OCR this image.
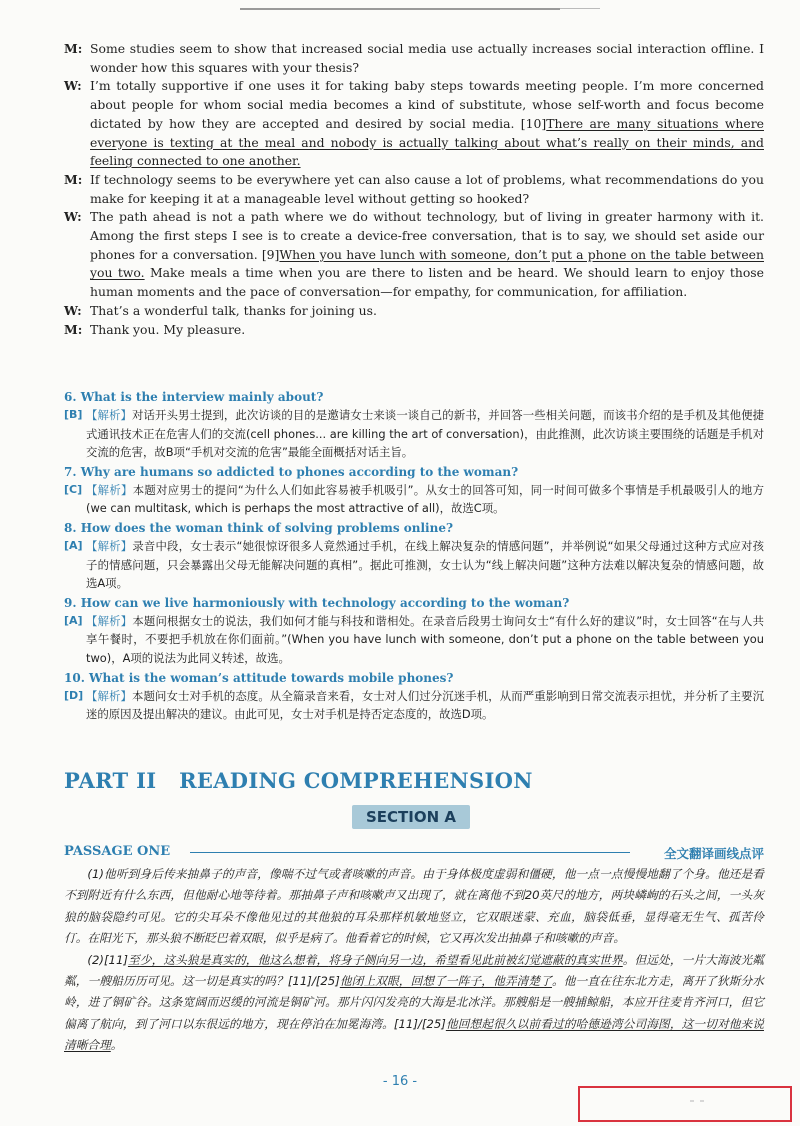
M: Some studies seem to show that increased social media use actually increases social interaction offline. I wonder how this squares with your thesis?
W: I’m totally supportive if one uses it for taking baby steps towards meeting people. I’m more concerned about people for whom social media becomes a kind of substitute, whose self-worth and focus become dictated by how they are accepted and desired by social media. [10]There are many situations where everyone is texting at the meal and nobody is actually talking about what’s really on their minds, and feeling connected to one another.
M: If technology seems to be everywhere yet can also cause a lot of problems, what recommendations do you make for keeping it at a manageable level without getting so hooked?
W: The path ahead is not a path where we do without technology, but of living in greater harmony with it. Among the first steps I see is to create a device-free conversation, that is to say, we should set aside our phones for a conversation. [9]When you have lunch with someone, don’t put a phone on the table between you two. Make meals a time when you are there to listen and be heard. We should learn to enjoy those human moments and the pace of conversation—for empathy, for communication, for affiliation.
W: That’s a wonderful talk, thanks for joining us.
M: Thank you. My pleasure.
6. What is the interview mainly about?
[B] 【解析】对话开头男士提到，此次访谈的目的是邀请女士来谈一谈自己的新书，并回答一些相关问题，而该书介绍的是手机及其他便捷式通讯技术正在危害人们的交流(cell phones... are killing the art of conversation)，由此推测，此次访谈主要围绕的话题是手机对交流的危害，故B项“手机对交流的危害”最能全面概括对话主旨。
7. Why are humans so addicted to phones according to the woman?
[C] 【解析】本题对应男士的提问“为什么人们如此容易被手机吸引”。从女士的回答可知，同一时间可做多个事情是手机最吸引人的地方(we can multitask, which is perhaps the most attractive of all)，故选C项。
8. How does the woman think of solving problems online?
[A] 【解析】录音中段，女士表示“她很惊讶很多人竟然通过手机，在线上解决复杂的情感问题”，并举例说“如果父母通过这种方式应对孩子的情感问题，只会暴露出父母无能解决问题的真相”。据此可推测，女士认为“线上解决问题”这种方法难以解决复杂的情感问题，故选A项。
9. How can we live harmoniously with technology according to the woman?
[A] 【解析】本题问根据女士的说法，我们如何才能与科技和谐相处。在录音后段男士询问女士“有什么好的建议”时，女士回答“在与人共享午餐时，不要把手机放在你们面前。”(When you have lunch with someone, don’t put a phone on the table between you two)，A项的说法为此同义转述，故选。
10. What is the woman’s attitude towards mobile phones?
[D] 【解析】本题问女士对手机的态度。从全篇录音来看，女士对人们过分沉迷手机，从而严重影响到日常交流表示担忧，并分析了主要沉迷的原因及提出解决的建议。由此可见，女士对手机是持否定态度的，故选D项。
PART II   READING COMPREHENSION
SECTION A
PASSAGE ONE	全文翻译画线点评

(1)他听到身后传来抽鼻子的声音，像喘不过气或者咳嗽的声音。由于身体极度虚弱和僵硬，他一点一点慢慢地翻了个身。他还是看不到附近有什么东西，但他耐心地等待着。那抽鼻子声和咳嗽声又出现了，就在离他不到20英尺的地方，两块嶙峋的石头之间，一头灰狼的脑袋隐约可见。它的尖耳朵不像他见过的其他狼的耳朵那样机敏地竖立，它双眼迷蒙、充血，脑袋低垂，显得毫无生气、孤苦伶仃。在阳光下，那头狼不断眨巴着双眼，似乎是病了。他看着它的时候，它又再次发出抽鼻子和咳嗽的声音。

(2)[11]至少，这头狼是真实的，他这么想着，将身子侧向另一边，希望看见此前被幻觉遮蔽的真实世界。但远处，一片大海波光粼粼，一艘船历历可见。这一切是真实的吗？[11]/[25]他闭上双眼，回想了一阵子，他弄清楚了。他一直在往东北方走，离开了狄斯分水岭，进了铜矿谷。这条宽阔而迟缓的河流是铜矿河。那片闪闪发亮的大海是北冰洋。那艘船是一艘捕鲸船，本应开往麦肯齐河口，但它偏离了航向，到了河口以东很远的地方，现在停泊在加冕海湾。[11]/[25]他回想起很久以前看过的哈德逊湾公司海图，这一切对他来说清晰合理。

- 16 -
